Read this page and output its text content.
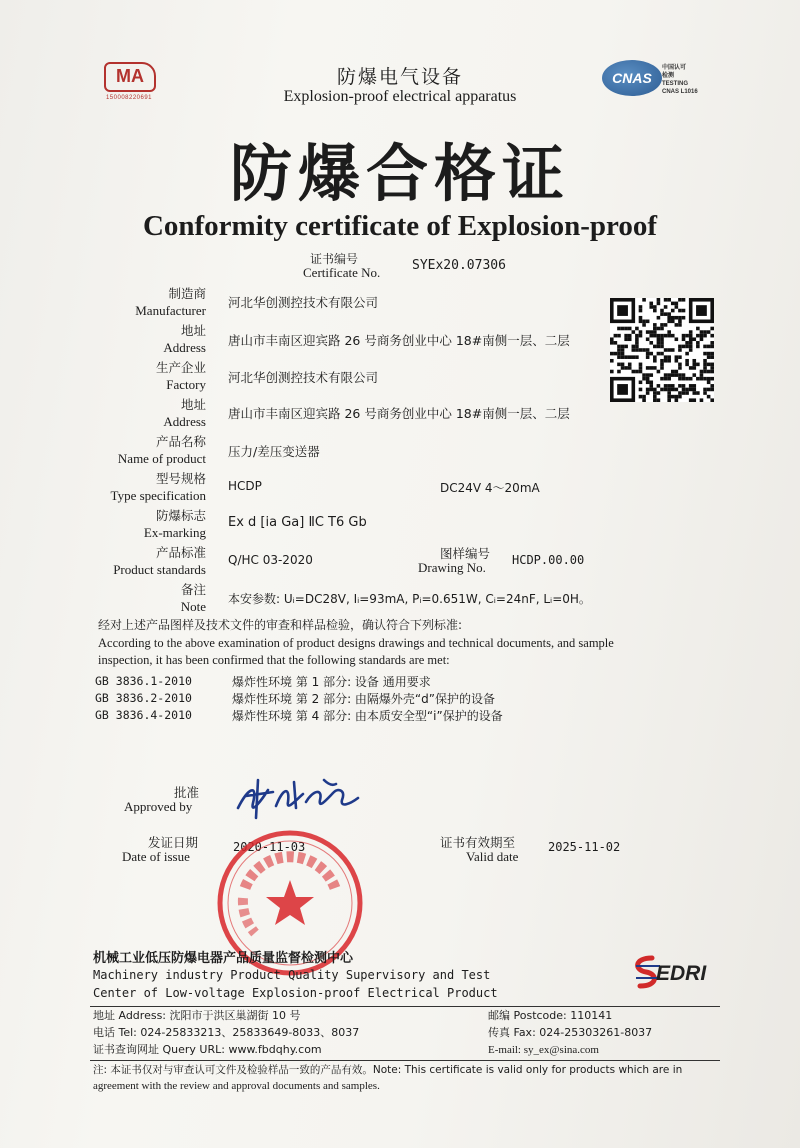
MA
150008220691
CNAS
中国认可
检测
TESTING
CNAS L1016
防爆电气设备
Explosion-proof electrical apparatus
防爆合格证
Conformity certificate of Explosion-proof
证书编号
Certificate No. SYEx20.07306
制造商
Manufacturer
河北华创测控技术有限公司
地址
Address 唐山市丰南区迎宾路 26 号商务创业中心 18#南侧一层、二层
生产企业
Factory 河北华创测控技术有限公司
地址
Address
唐山市丰南区迎宾路 26 号商务创业中心 18#南侧一层、二层
产品名称
Name of product 压力/差压变送器
型号规格
Type specification
HCDP	DC24V 4～20mA
防爆标志
Ex-marking
Ex d [ia Ga] ⅡC T6 Gb
产品标准
Product standards
Q/HC 03-2020	图样编号
Drawing No. HCDP.00.00
备注
Note 本安参数: Uᵢ=DC28V, Iᵢ=93mA, Pᵢ=0.651W, Cᵢ=24nF, Lᵢ=0H。
经对上述产品图样及技术文件的审查和样品检验，确认符合下列标准:
According to the above examination of product designs drawings and technical documents, and sample
inspection, it has been confirmed that the following standards are met:
GB 3836.1-2010	爆炸性环境 第 1 部分: 设备 通用要求
GB 3836.2-2010	爆炸性环境 第 2 部分: 由隔爆外壳“d”保护的设备
GB 3836.4-2010	爆炸性环境 第 4 部分: 由本质安全型“i”保护的设备
批准
Approved by
发证日期
Date of issue
2020-11-03	证书有效期至
Valid date
2025-11-02
机械工业低压防爆电器产品质量监督检测中心
Machinery industry Product Quality Supervisory and Test
Center of Low-voltage Explosion-proof Electrical Product
EDRI
地址 Address: 沈阳市于洪区巢湖街 10 号	邮编 Postcode: 110141
电话 Tel: 024-25833213、25833649-8033、8037	传真 Fax: 024-25303261-8037
证书查询网址 Query URL: www.fbdqhy.com	E-mail: sy_ex@sina.com
注: 本证书仅对与审查认可文件及检验样品一致的产品有效。Note: This certificate is valid only for products which are in
agreement with the review and approval documents and samples.
